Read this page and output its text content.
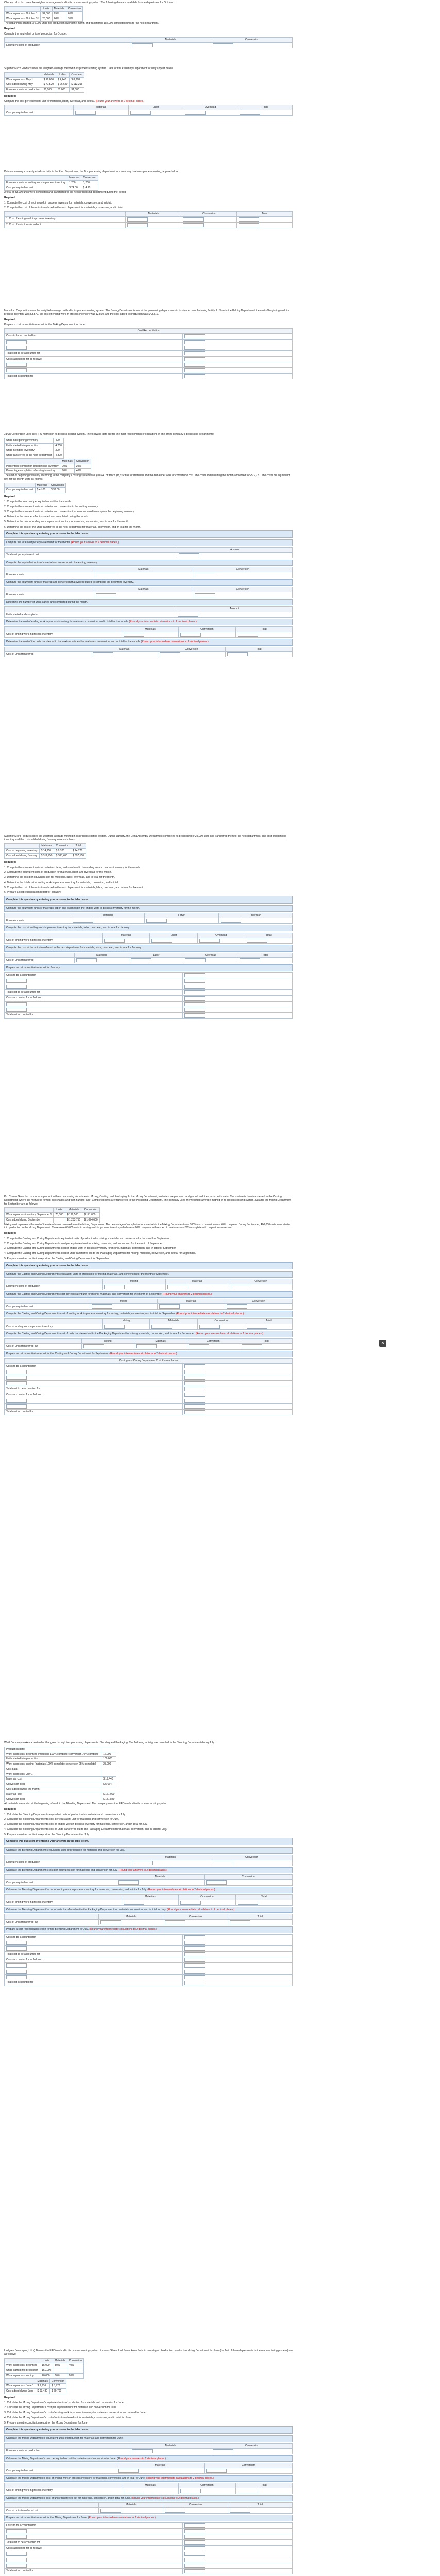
Cheney Labs, Inc. uses the weighted-average method in its process costing system. The following data are available for one department for October:

	Units	Materials	Conversion
Work in process, October 1	32,000	85%	65%
Work in process, October 31	26,000	60%	35%

The department started 176,000 units into production during the month and transferred 182,000 completed units to the next department.

Required:

Compute the equivalent units of production for October.

	Materials	Conversion
Equivalent units of production		

Superior Micro Products uses the weighted-average method in its process costing system. Data for the Assembly Department for May appear below:

	Materials	Labor	Overhead
Work in process, May 1	$ 16,800	$ 4,240	$ 8,288
Cost added during May	$ 77,520	$ 26,640	$ 113,216
Equivalent units of production	36,000	31,000	31,000

Required:

Compute the cost per equivalent unit for materials, labor, overhead, and in total. (Round your answers to 2 decimal places.)

	Materials	Labor	Overhead	Total
Cost per equivalent unit				

Data concerning a recent period's activity in the Prep Department, the first processing department in a company that uses process costing, appear below:

	Materials	Conversion
Equivalent units of ending work in process inventory	1,200	3,200
Cost per equivalent unit	$ 24.00	$ 4.10

A total of 33,000 units were completed and transferred to the next processing department during the period.

Required:

1. Compute the cost of ending work in process inventory for materials, conversion, and in total.

2. Compute the cost of the units transferred to the next department for materials, conversion, and in total.

	Materials	Conversion	Total
1. Cost of ending work in process inventory			
2. Cost of units transferred out			

Maria Inc. Corporation uses the weighted-average method in its process costing system. The Baking Department is one of the processing departments in its strudel manufacturing facility. In June in the Baking Department, the cost of beginning work in process inventory was $3,570, the cost of ending work in process inventory was $2,860, and the cost added to production was $43,310.

Required:

Prepare a cost reconciliation report for the Baking Department for June.

Cost Reconciliation	
Costs to be accounted for:	

Total cost to be accounted for	
Costs accounted for as follows:	

Total cost accounted for	

Jarvis Corporation uses the FIFO method in its process costing system. The following data are for the most recent month of operations in one of the company's processing departments:

Units in beginning inventory	400
Units started into production	4,200
Units in ending inventory	300
Units transferred to the next department	4,300
	Materials	Conversion
Percentage completion of beginning inventory	70%	30%
Percentage completion of ending inventory	80%	40%

The cost of beginning inventory according to the company's costing system was $10,640 of which $8,535 was for materials and the remainder was for conversion cost. The costs added during the month amounted to $322,720. The costs per equivalent unit for the month were as follows:

	Materials	Conversion
Cost per equivalent unit	$ 41.00	$ 32.00

Required:

1. Compute the total cost per equivalent unit for the month.

2. Compute the equivalent units of material and conversion in the ending inventory.

3. Compute the equivalent units of material and conversion that were required to complete the beginning inventory.

4. Determine the number of units started and completed during the month.

5. Determine the cost of ending work in process inventory for materials, conversion, and in total for the month.

6. Determine the cost of the units transferred to the next department for materials, conversion, and in total for the month.

Complete this question by entering your answers in the tabs below.
Compute the total cost per equivalent unit for the month. (Round your answer to 2 decimal places.)
	Amount
Total cost per equivalent unit	
Compute the equivalent units of material and conversion in the ending inventory.
	Materials	Conversion
Equivalent units		
Compute the equivalent units of material and conversion that were required to complete the beginning inventory.
	Materials	Conversion
Equivalent units		
Determine the number of units started and completed during the month.
	Amount
Units started and completed	
Determine the cost of ending work in process inventory for materials, conversion, and in total for the month. (Round your intermediate calculations to 2 decimal places.)
	Materials	Conversion	Total
Cost of ending work in process inventory			
Determine the cost of the units transferred to the next department for materials, conversion, and in total for the month. (Round your intermediate calculations to 2 decimal places.)
	Materials	Conversion	Total
Cost of units transferred			

Superior Micro Products uses the weighted-average method in its process costing system. During January, the Delta Assembly Department completed its processing of 25,000 units and transferred them to the next department. The cost of beginning inventory and the costs added during January were as follows:

	Materials	Conversion	Total
Cost of beginning inventory	$ 14,950	$ 9,320	$ 24,270
Cost added during January	$ 311,750	$ 385,400	$ 697,150

Required:

1. Compute the equivalent units of materials, labor, and overhead in the ending work in process inventory for the month.

2. Compute the equivalent units of production for materials, labor, and overhead for the month.

3. Determine the cost per equivalent unit for materials, labor, overhead, and in total for the month.

4. Determine the total cost of ending work in process inventory for materials, conversion, and in total.

5. Compute the cost of the units transferred to the next department for materials, labor, overhead, and in total for the month.

6. Prepare a cost reconciliation report for January.

Complete this question by entering your answers in the tabs below.
Compute the equivalent units of materials, labor, and overhead in the ending work in process inventory for the month.
	Materials	Labor	Overhead
Equivalent units			
Compute the cost of ending work in process inventory for materials, labor, overhead, and in total for January.
	Materials	Labor	Overhead	Total
Cost of ending work in process inventory				
Compute the cost of the units transferred to the next department for materials, labor, overhead, and in total for January.
	Materials	Labor	Overhead	Total
Cost of units transferred				
Prepare a cost reconciliation report for January.
Costs to be accounted for:	

Total cost to be accounted for	
Costs accounted for as follows:	

Total cost accounted for	

Pro Cosmo Glow, Inc. produces a product in three processing departments: Mixing, Casting, and Packaging. In the Mixing Department, materials are prepared and ground and then mixed with water. The mixture is then transferred to the Casting Department, where the mixture is formed into shapes and then hung to cure. Completed units are transferred to the Packaging Department. The company uses the weighted-average method in its process costing system. Data for the Mixing Department for September are as follows:

	Units	Materials	Conversion
Work in process inventory, September 1	75,000	$ 196,500	$ 171,000
Cost added during September		$ 1,233,750	$ 1,074,600

Mixing cost represents the cost of the mixed mass received from the Mixing Department. The percentage of completion for materials in the Mixing Department was 100% and conversion was 40% complete. During September, 400,000 units were started into production in the Mixing Department. There were 65,000 units in ending work in process inventory which were 80% complete with respect to materials and 30% complete with respect to conversion.

Required:

1. Compute the Casting and Curing Department's equivalent units of production for mixing, materials, and conversion for the month of September.

2. Compute the Casting and Curing Department's cost per equivalent unit for mixing, materials, and conversion for the month of September.

3. Compute the Casting and Curing Department's cost of ending work in process inventory for mixing, materials, conversion, and in total for September.

4. Compute the Casting and Curing Department's cost of units transferred out to the Packaging Department for mixing, materials, conversion, and in total for September.

5. Prepare a cost reconciliation report for the Casting and Curing Department for September.

Complete this question by entering your answers in the tabs below.
Compute the Casting and Curing Department's equivalent units of production for mixing, materials, and conversion for the month of September.
	Mixing	Materials	Conversion
Equivalent units of production			
Compute the Casting and Curing Department's cost per equivalent unit for mixing, materials, and conversion for the month of September. (Round your answers to 2 decimal places.)
	Mixing	Materials	Conversion
Cost per equivalent unit			
Compute the Casting and Curing Department's cost of ending work in process inventory for mixing, materials, conversion, and in total for September. (Round your intermediate calculations to 2 decimal places.)
	Mixing	Materials	Conversion	Total
Cost of ending work in process inventory				
Compute the Casting and Curing Department's cost of units transferred out to the Packaging Department for mixing, materials, conversion, and in total for September. (Round your intermediate calculations to 2 decimal places.)
	Mixing	Materials	Conversion	Total
Cost of units transferred out				
Prepare a cost reconciliation report for the Casting and Curing Department for September. (Round your intermediate calculations to 2 decimal places.)
Casting and Curing Department Cost Reconciliation	
Costs to be accounted for:	

Total cost to be accounted for	
Costs accounted for as follows:	

Total cost accounted for	

Weld Company makes a best-seller that goes through two processing departments: Blending and Packaging. The following activity was recorded in the Blending Department during July:

Production data:	
Work in process, beginning (materials 100% complete; conversion 70% complete)	12,000
Units started into production	100,000
Work in process, ending (materials 100% complete; conversion 25% complete)	25,000
Cost data:	
Work in process, July 1:	
Materials cost	$ 19,440
Conversion cost	$ 5,664
Cost added during the month:	
Materials cost	$ 161,000
Conversion cost	$ 151,840

All materials are added at the beginning of work in the Blending Department. The company uses the FIFO method in its process costing system.

Required:

1. Calculate the Blending Department's equivalent units of production for materials and conversion for July.

2. Calculate the Blending Department's cost per equivalent unit for materials and conversion for July.

3. Calculate the Blending Department's cost of ending work in process inventory for materials, conversion, and in total for July.

4. Calculate the Blending Department's cost of units transferred out to the Packaging Department for materials, conversion, and in total for July.

5. Prepare a cost reconciliation report for the Blending Department for July.

Complete this question by entering your answers in the tabs below.
Calculate the Blending Department's equivalent units of production for materials and conversion for July.
	Materials	Conversion
Equivalent units of production		
Calculate the Blending Department's cost per equivalent unit for materials and conversion for July. (Round your answers to 2 decimal places.)
	Materials	Conversion
Cost per equivalent unit		
Calculate the Blending Department's cost of ending work in process inventory for materials, conversion, and in total for July. (Round your intermediate calculations to 2 decimal places.)
	Materials	Conversion	Total
Cost of ending work in process inventory			
Calculate the Blending Department's cost of units transferred out to the Packaging Department for materials, conversion, and in total for July. (Round your intermediate calculations to 2 decimal places.)
	Materials	Conversion	Total
Cost of units transferred out			
Prepare a cost reconciliation report for the Blending Department for July. (Round your intermediate calculations to 2 decimal places.)
Costs to be accounted for:	

Total cost to be accounted for	
Costs accounted for as follows:	

Total cost accounted for	

Lindgren Beverages, Ltd. (LB) uses the FIFO method in its process costing system. It makes Silvercloud Swan Rose Soda in two stages. Production data for the Mixing Department for June (the first of three departments in the manufacturing process) are as follows:

	Units	Materials	Conversion
Work in process, beginning	15,000	80%	40%
Units started into production	150,000		
Work in process, ending	20,000	60%	20%
	Materials	Conversion
Work in process, June 1	$ 9,936	$ 3,978
Cost added during June	$ 93,480	$ 69,700

Required:

1. Calculate the Mixing Department's equivalent units of production for materials and conversion for June.

2. Calculate the Mixing Department's cost per equivalent unit for materials and conversion for June.

3. Calculate the Mixing Department's cost of ending work in process inventory for materials, conversion, and in total for June.

4. Calculate the Mixing Department's cost of units transferred out for materials, conversion, and in total for June.

5. Prepare a cost reconciliation report for the Mixing Department for June.

Complete this question by entering your answers in the tabs below.
Calculate the Mixing Department's equivalent units of production for materials and conversion for June.
	Materials	Conversion
Equivalent units of production		
Calculate the Mixing Department's cost per equivalent unit for materials and conversion for June. (Round your answers to 2 decimal places.)
	Materials	Conversion
Cost per equivalent unit		
Calculate the Mixing Department's cost of ending work in process inventory for materials, conversion, and in total for June. (Round your intermediate calculations to 2 decimal places.)
	Materials	Conversion	Total
Cost of ending work in process inventory			
Calculate the Mixing Department's cost of units transferred out for materials, conversion, and in total for June. (Round your intermediate calculations to 2 decimal places.)
	Materials	Conversion	Total
Cost of units transferred out			
Prepare a cost reconciliation report for the Mixing Department for June. (Round your intermediate calculations to 2 decimal places.)
Costs to be accounted for:	

Total cost to be accounted for	
Costs accounted for as follows:	

Total cost accounted for	
✕
